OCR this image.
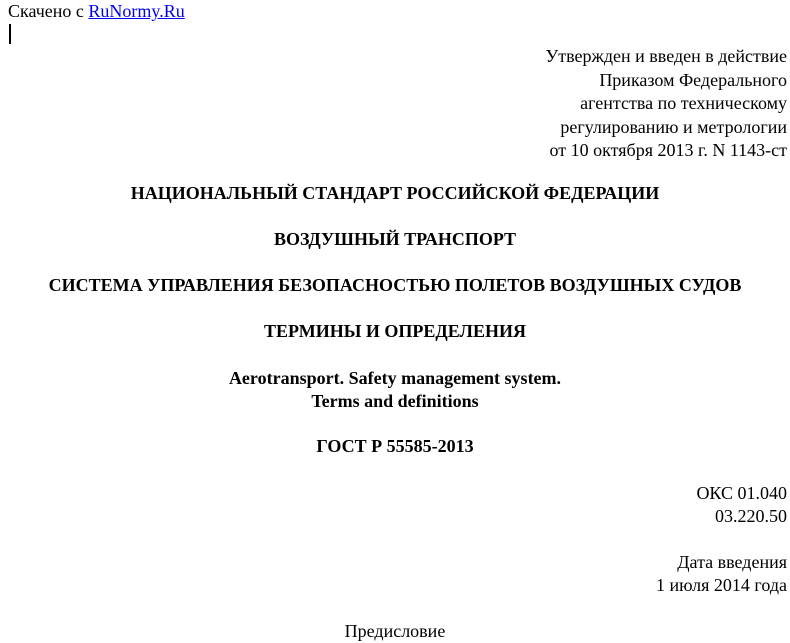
Скачено с RuNormy.Ru
Утвержден и введен в действие
Приказом Федерального
агентства по техническому
регулированию и метрологии
от 10 октября 2013 г. N 1143-ст
НАЦИОНАЛЬНЫЙ СТАНДАРТ РОССИЙСКОЙ ФЕДЕРАЦИИ
ВОЗДУШНЫЙ ТРАНСПОРТ
СИСТЕМА УПРАВЛЕНИЯ БЕЗОПАСНОСТЬЮ ПОЛЕТОВ ВОЗДУШНЫХ СУДОВ
ТЕРМИНЫ И ОПРЕДЕЛЕНИЯ
Aerotransport. Safety management system.
Terms and definitions
ГОСТ Р 55585-2013
ОКС 01.040
03.220.50
Дата введения
1 июля 2014 года
Предисловие
